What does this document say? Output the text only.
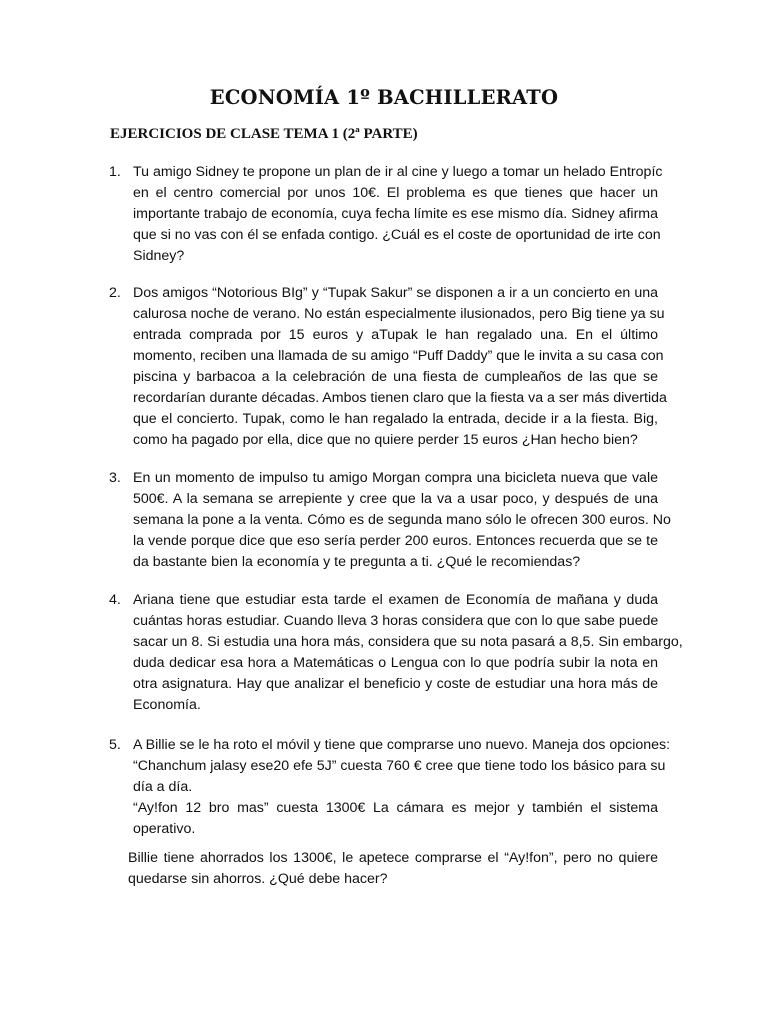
ECONOMÍA 1º BACHILLERATO
EJERCICIOS DE CLASE TEMA 1 (2ª PARTE)
1. Tu amigo Sidney te propone un plan de ir al cine y luego a tomar un helado Entropíc
en el centro comercial por unos 10€. El problema es que tienes que hacer un
importante trabajo de economía, cuya fecha límite es ese mismo día. Sidney afirma
que si no vas con él se enfada contigo. ¿Cuál es el coste de oportunidad de irte con
Sidney?
2. Dos amigos “Notorious BIg” y “Tupak Sakur” se disponen a ir a un concierto en una
calurosa noche de verano. No están especialmente ilusionados, pero Big tiene ya su
entrada comprada por 15 euros y aTupak le han regalado una. En el último
momento, reciben una llamada de su amigo “Puff Daddy” que le invita a su casa con
piscina y barbacoa a la celebración de una fiesta de cumpleaños de las que se
recordarían durante décadas. Ambos tienen claro que la fiesta va a ser más divertida
que el concierto. Tupak, como le han regalado la entrada, decide ir a la fiesta. Big,
como ha pagado por ella, dice que no quiere perder 15 euros ¿Han hecho bien?
3. En un momento de impulso tu amigo Morgan compra una bicicleta nueva que vale
500€. A la semana se arrepiente y cree que la va a usar poco, y después de una
semana la pone a la venta. Cómo es de segunda mano sólo le ofrecen 300 euros. No
la vende porque dice que eso sería perder 200 euros. Entonces recuerda que se te
da bastante bien la economía y te pregunta a ti. ¿Qué le recomiendas?
4. Ariana tiene que estudiar esta tarde el examen de Economía de mañana y duda
cuántas horas estudiar. Cuando lleva 3 horas considera que con lo que sabe puede
sacar un 8. Si estudia una hora más, considera que su nota pasará a 8,5. Sin embargo,
duda dedicar esa hora a Matemáticas o Lengua con lo que podría subir la nota en
otra asignatura. Hay que analizar el beneficio y coste de estudiar una hora más de
Economía.
5. A Billie se le ha roto el móvil y tiene que comprarse uno nuevo. Maneja dos opciones:
“Chanchum jalasy ese20 efe 5J” cuesta 760 € cree que tiene todo los básico para su
día a día.
“Ay!fon 12 bro mas” cuesta 1300€ La cámara es mejor y también el sistema
operativo.
Billie tiene ahorrados los 1300€, le apetece comprarse el “Ay!fon”, pero no quiere
quedarse sin ahorros. ¿Qué debe hacer?
